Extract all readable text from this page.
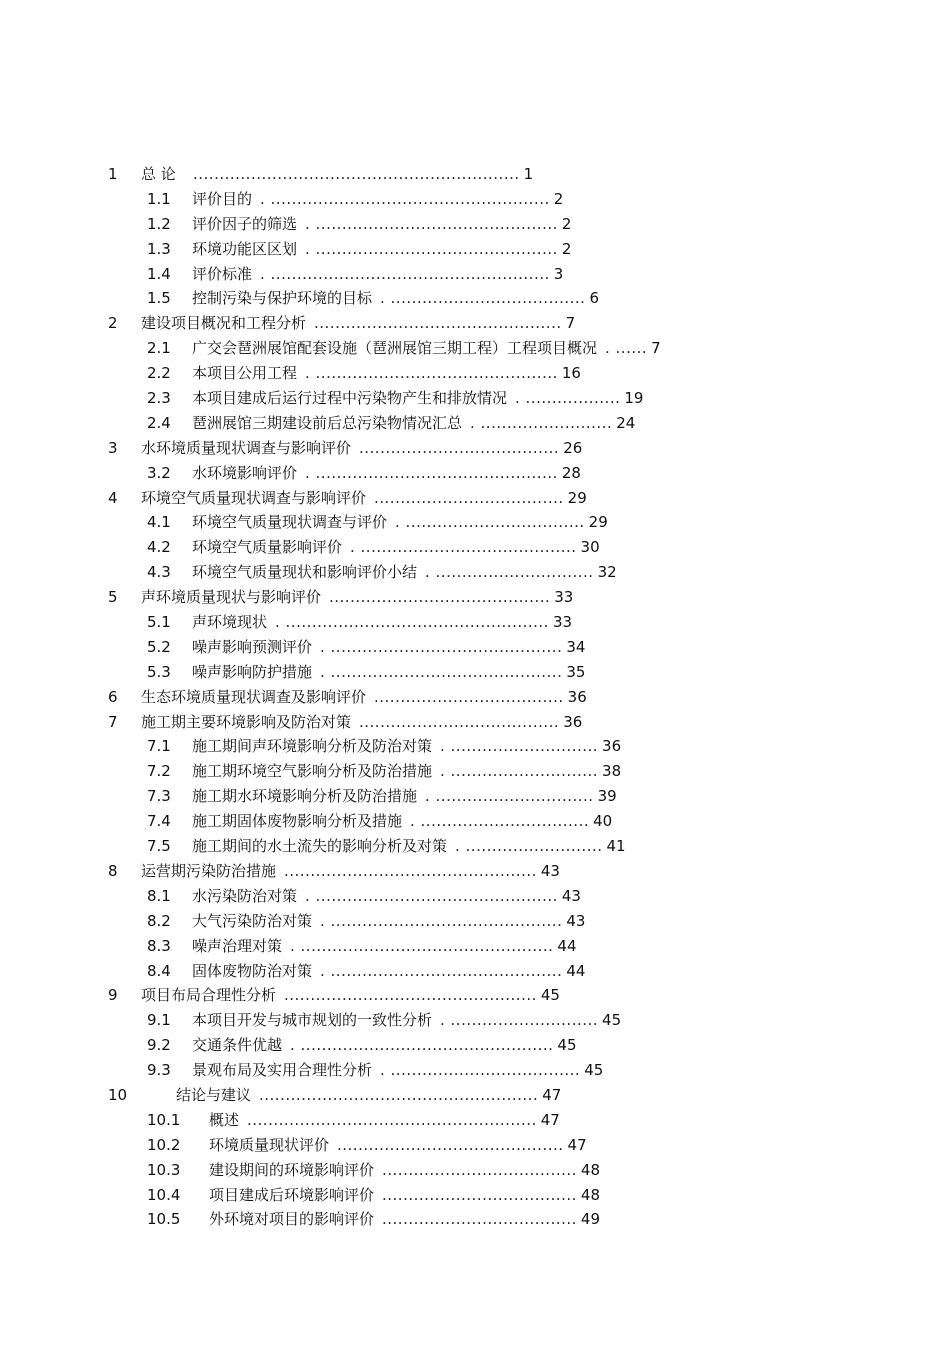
1 总 论 .............................................................. 1
1.1 评价目的 . ..................................................... 2
1.2 评价因子的筛选 . .............................................. 2
1.3 环境功能区区划 . .............................................. 2
1.4 评价标准 . ..................................................... 3
1.5 控制污染与保护环境的目标 . ..................................... 6
2 建设项目概况和工程分析 ............................................... 7
2.1 广交会琶洲展馆配套设施（琶洲展馆三期工程）工程项目概况 . ...... 7
2.2 本项目公用工程 . .............................................. 16
2.3 本项目建成后运行过程中污染物产生和排放情况 . .................. 19
2.4 琶洲展馆三期建设前后总污染物情况汇总 . ......................... 24
3 水环境质量现状调查与影响评价 ...................................... 26
3.2 水环境影响评价 . .............................................. 28
4 环境空气质量现状调查与影响评价 .................................... 29
4.1 环境空气质量现状调查与评价 . .................................. 29
4.2 环境空气质量影响评价 . ......................................... 30
4.3 环境空气质量现状和影响评价小结 . .............................. 32
5 声环境质量现状与影响评价 .......................................... 33
5.1 声环境现状 . .................................................. 33
5.2 噪声影响预测评价 . ............................................ 34
5.3 噪声影响防护措施 . ............................................ 35
6 生态环境质量现状调查及影响评价 .................................... 36
7 施工期主要环境影响及防治对策 ...................................... 36
7.1 施工期间声环境影响分析及防治对策 . ............................ 36
7.2 施工期环境空气影响分析及防治措施 . ............................ 38
7.3 施工期水环境影响分析及防治措施 . .............................. 39
7.4 施工期固体废物影响分析及措施 . ................................ 40
7.5 施工期间的水土流失的影响分析及对策 . .......................... 41
8 运营期污染防治措施 ................................................ 43
8.1 水污染防治对策 . .............................................. 43
8.2 大气污染防治对策 . ............................................ 43
8.3 噪声治理对策 . ................................................ 44
8.4 固体废物防治对策 . ............................................ 44
9 项目布局合理性分析 ................................................ 45
9.1 本项目开发与城市规划的一致性分析 . ............................ 45
9.2 交通条件优越 . ................................................ 45
9.3 景观布局及实用合理性分析 . .................................... 45
10	结论与建议 ..................................................... 47
10.1 概述 ....................................................... 47
10.2 环境质量现状评价 ........................................... 47
10.3 建设期间的环境影响评价 ..................................... 48
10.4 项目建成后环境影响评价 ..................................... 48
10.5 外环境对项目的影响评价 ..................................... 49
